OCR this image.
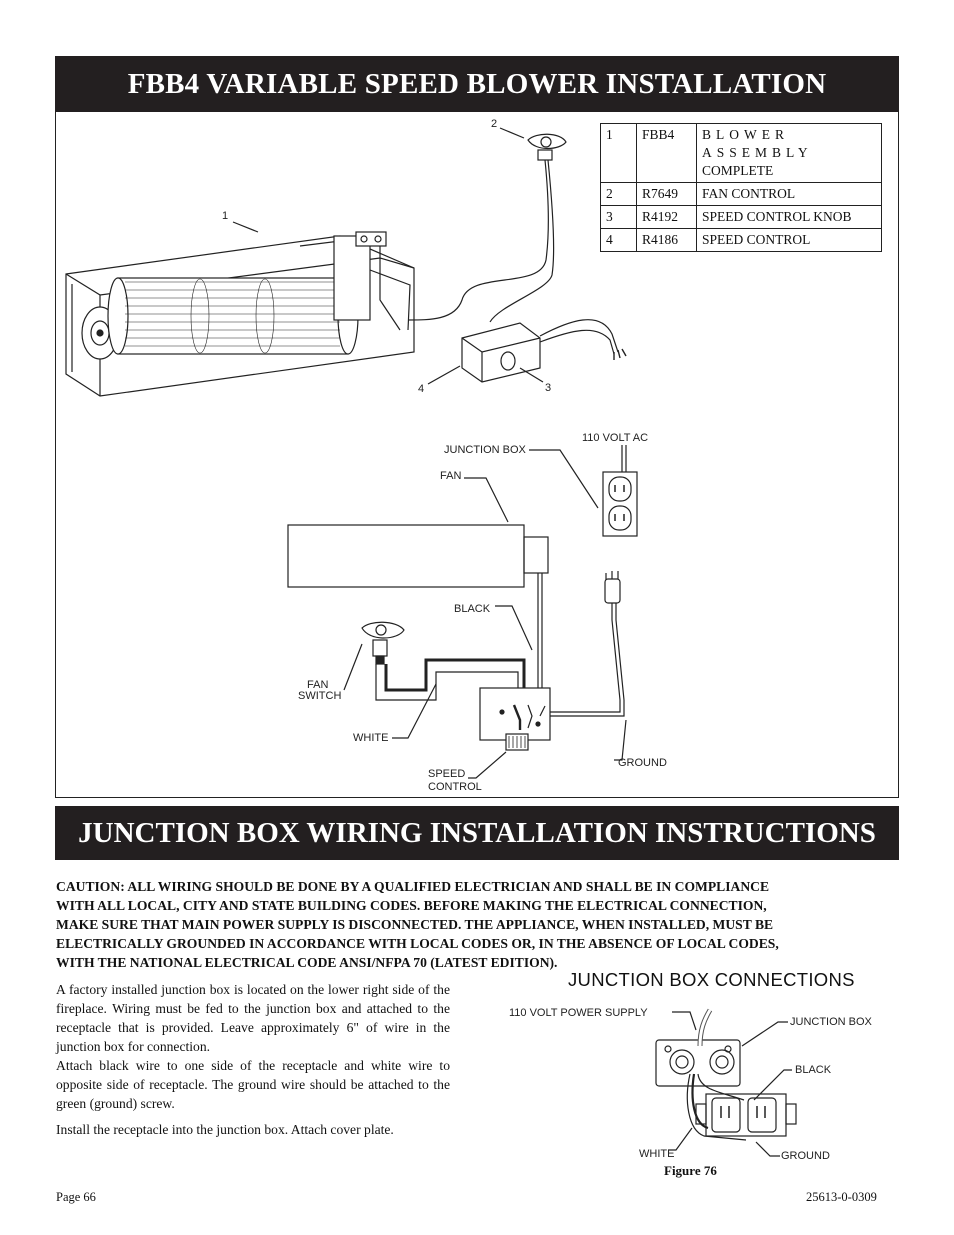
FBB4 VARIABLE SPEED BLOWER INSTALLATION
1	FBB4	BLOWER ASSEMBLY
COMPLETE
2	R7649	FAN CONTROL
3	R4192	SPEED CONTROL KNOB
4	R4186	SPEED CONTROL
2
1
4	3
110 VOLT AC
JUNCTION BOX
FAN
BLACK
FAN
SWITCH
WHITE
GROUND
SPEED
CONTROL
JUNCTION BOX WIRING INSTALLATION INSTRUCTIONS
CAUTION: ALL WIRING SHOULD BE DONE BY A QUALIFIED ELECTRICIAN AND SHALL BE IN COMPLIANCE
WITH ALL LOCAL, CITY AND STATE BUILDING CODES. BEFORE MAKING THE ELECTRICAL CONNECTION,
MAKE SURE THAT MAIN POWER SUPPLY IS DISCONNECTED. THE APPLIANCE, WHEN INSTALLED, MUST BE
ELECTRICALLY GROUNDED IN ACCORDANCE WITH LOCAL CODES OR, IN THE ABSENCE OF LOCAL CODES,
WITH THE NATIONAL ELECTRICAL CODE ANSI/NFPA 70 (LATEST EDITION).

A factory installed junction box is located on the lower right side of the fireplace. Wiring must be fed to the junction box and attached to the receptacle that is provided. Leave approximately 6" of wire in the junction box for connection.

Attach black wire to one side of the receptacle and white wire to opposite side of receptacle. The ground wire should be attached to the green (ground) screw.

Install the receptacle into the junction box. Attach cover plate.

JUNCTION BOX CONNECTIONS
110 VOLT POWER SUPPLY
JUNCTION BOX
BLACK
WHITE	GROUND
Figure 76
Page 66	25613-0-0309
